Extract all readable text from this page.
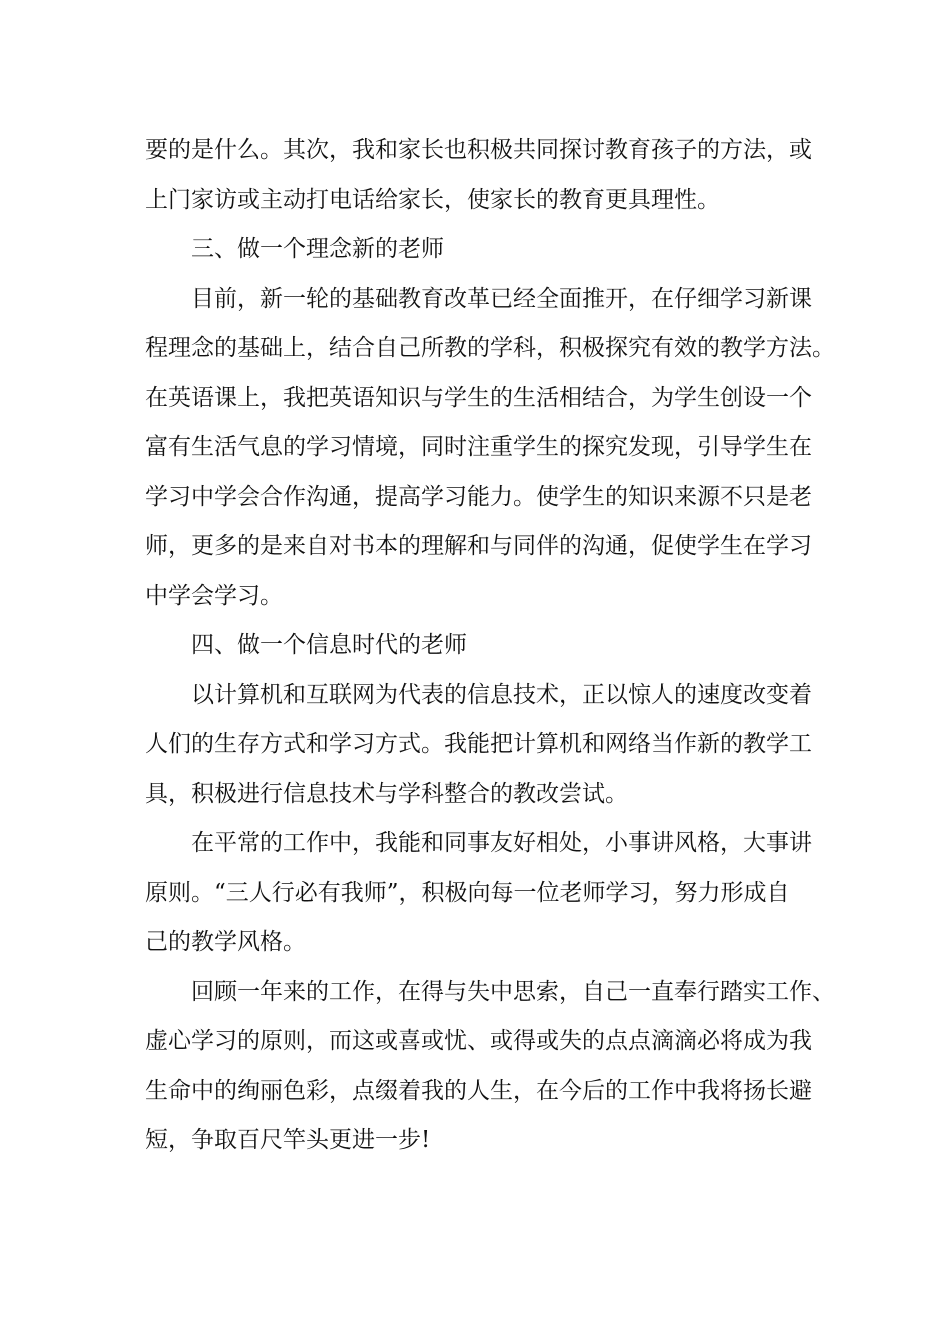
要的是什么。其次，我和家长也积极共同探讨教育孩子的方法，或
上门家访或主动打电话给家长，使家长的教育更具理性。

三、做一个理念新的老师

目前，新一轮的基础教育改革已经全面推开，在仔细学习新课
程理念的基础上，结合自己所教的学科，积极探究有效的教学方法。
在英语课上，我把英语知识与学生的生活相结合，为学生创设一个
富有生活气息的学习情境，同时注重学生的探究发现，引导学生在
学习中学会合作沟通，提高学习能力。使学生的知识来源不只是老
师，更多的是来自对书本的理解和与同伴的沟通，促使学生在学习
中学会学习。

四、做一个信息时代的老师

以计算机和互联网为代表的信息技术，正以惊人的速度改变着
人们的生存方式和学习方式。我能把计算机和网络当作新的教学工
具，积极进行信息技术与学科整合的教改尝试。

在平常的工作中，我能和同事友好相处，小事讲风格，大事讲
原则。“三人行必有我师”，积极向每一位老师学习，努力形成自
己的教学风格。

回顾一年来的工作，在得与失中思索，自己一直奉行踏实工作、
虚心学习的原则，而这或喜或忧、或得或失的点点滴滴必将成为我
生命中的绚丽色彩，点缀着我的人生，在今后的工作中我将扬长避
短，争取百尺竿头更进一步!
